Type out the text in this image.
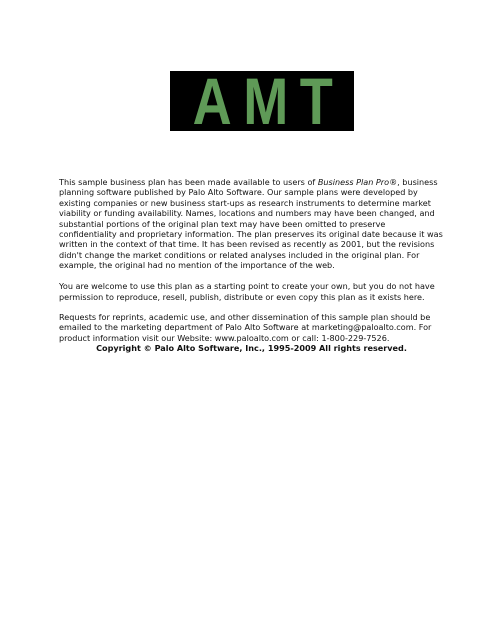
AMT

This sample business plan has been made available to users of Business Plan Pro®, business planning software published by Palo Alto Software. Our sample plans were developed by existing companies or new business start-ups as research instruments to determine market viability or funding availability. Names, locations and numbers may have been changed, and substantial portions of the original plan text may have been omitted to preserve confidentiality and proprietary information. The plan preserves its original date because it was written in the context of that time. It has been revised as recently as 2001, but the revisions didn't change the market conditions or related analyses included in the original plan. For example, the original had no mention of the importance of the web.

You are welcome to use this plan as a starting point to create your own, but you do not have permission to reproduce, resell, publish, distribute or even copy this plan as it exists here.

Requests for reprints, academic use, and other dissemination of this sample plan should be emailed to the marketing department of Palo Alto Software at marketing@paloalto.com. For product information visit our Website: www.paloalto.com or call: 1-800-229-7526.

Copyright © Palo Alto Software, Inc., 1995-2009 All rights reserved.
